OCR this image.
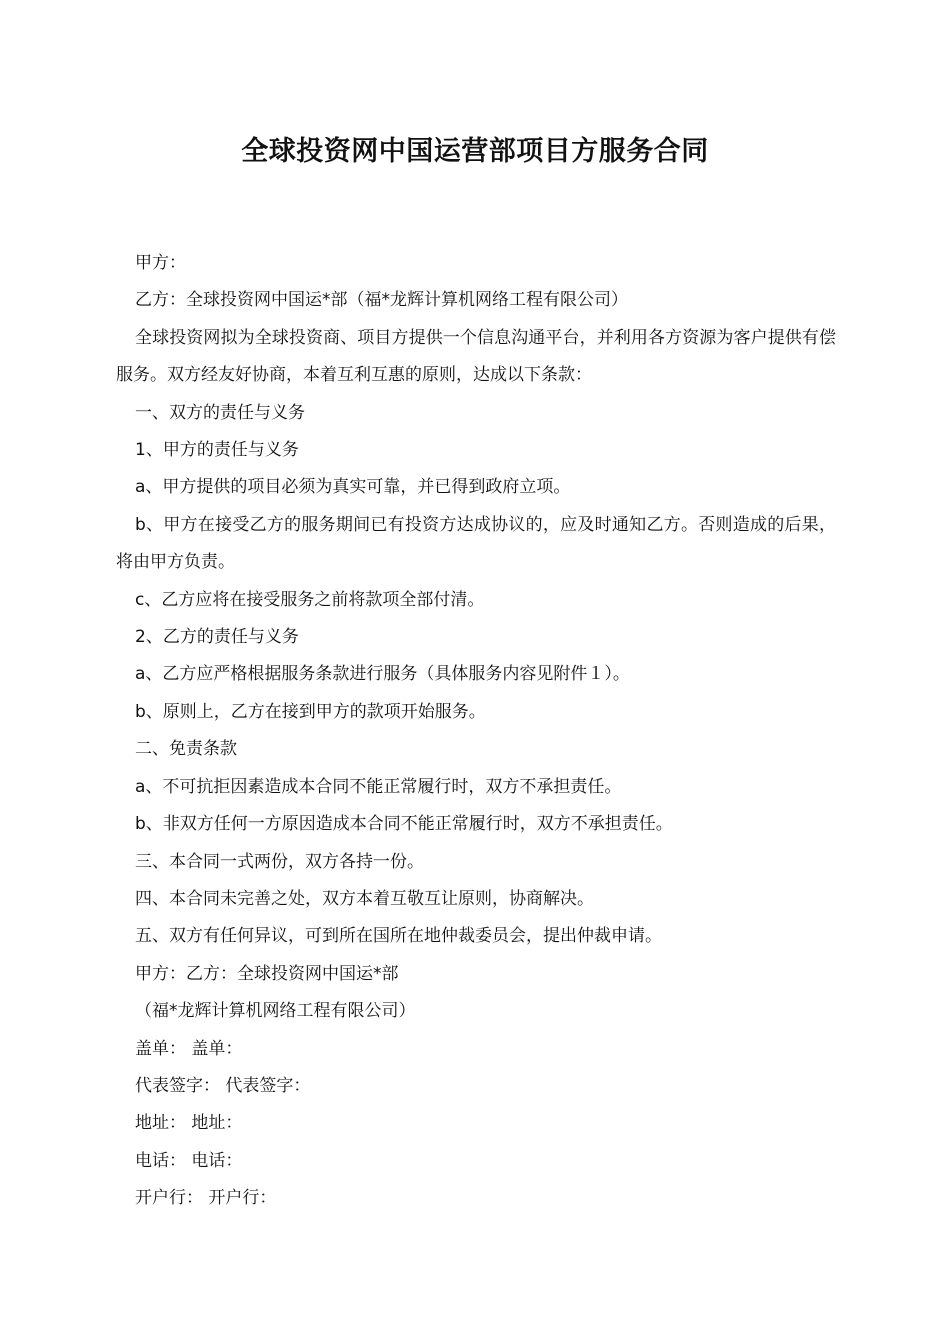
全球投资网中国运营部项目方服务合同

甲方：

乙方：全球投资网中国运*部（福*龙辉计算机网络工程有限公司）

全球投资网拟为全球投资商、项目方提供一个信息沟通平台，并利用各方资源为客户提供有偿服务。双方经友好协商，本着互利互惠的原则，达成以下条款：

一、双方的责任与义务

1、甲方的责任与义务

a、甲方提供的项目必须为真实可靠，并已得到政府立项。

b、甲方在接受乙方的服务期间已有投资方达成协议的，应及时通知乙方。否则造成的后果，将由甲方负责。

c、乙方应将在接受服务之前将款项全部付清。

2、乙方的责任与义务

a、乙方应严格根据服务条款进行服务（具体服务内容见附件１）。

b、原则上，乙方在接到甲方的款项开始服务。

二、免责条款

a、不可抗拒因素造成本合同不能正常履行时，双方不承担责任。

b、非双方任何一方原因造成本合同不能正常履行时，双方不承担责任。

三、本合同一式两份，双方各持一份。

四、本合同未完善之处，双方本着互敬互让原则，协商解决。

五、双方有任何异议，可到所在国所在地仲裁委员会，提出仲裁申请。

甲方：乙方：全球投资网中国运*部

（福*龙辉计算机网络工程有限公司）

盖单： 盖单：

代表签字： 代表签字：

地址： 地址：

电话： 电话：

开户行： 开户行：
